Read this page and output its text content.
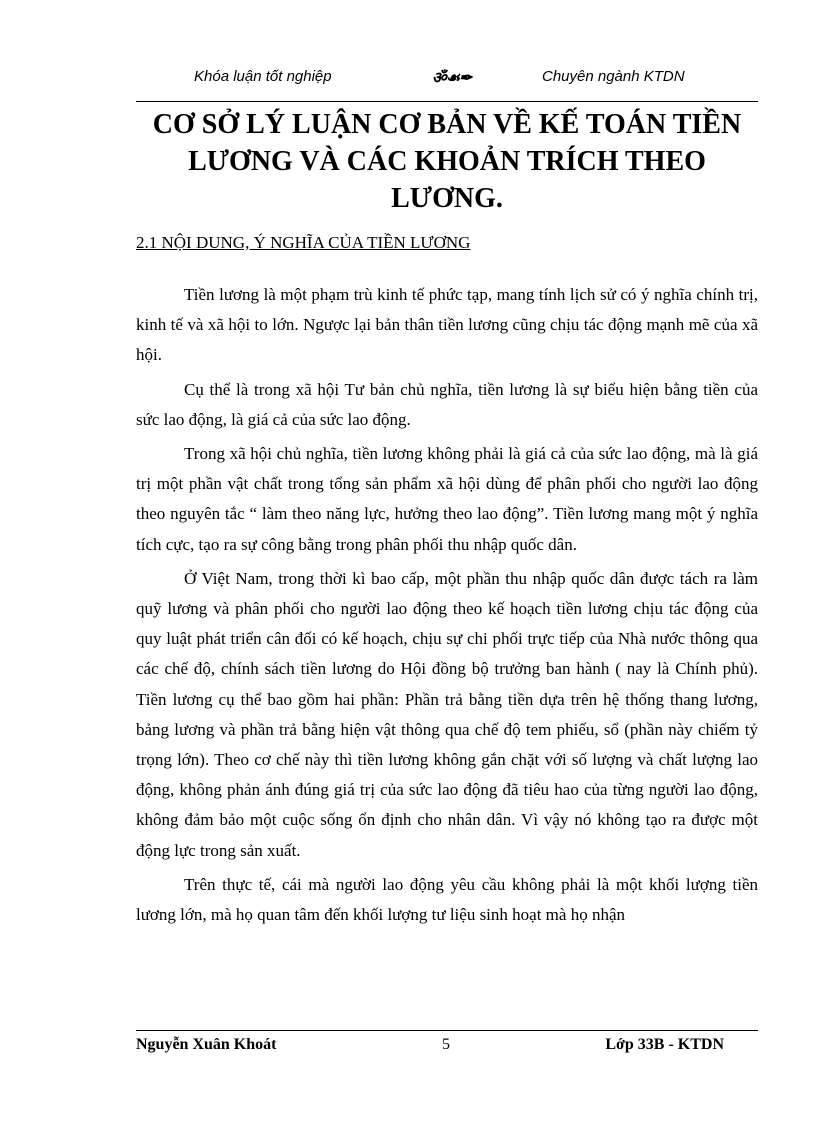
Khóa luận tốt nghiệp	ॐ☙✒	Chuyên ngành KTDN
CƠ SỞ LÝ LUẬN CƠ BẢN VỀ KẾ TOÁN TIỀN LƯƠNG VÀ CÁC KHOẢN TRÍCH THEO LƯƠNG.
2.1 NỘI DUNG, Ý NGHĨA CỦA TIỀN LƯƠNG

Tiền lương là một phạm trù kinh tế phức tạp, mang tính lịch sử có ý nghĩa chính trị, kinh tế và xã hội to lớn. Ngược lại bản thân tiền lương cũng chịu tác động mạnh mẽ của xã hội.

Cụ thể là trong xã hội Tư bản chủ nghĩa, tiền lương là sự biểu hiện bằng tiền của sức lao động, là giá cả của sức lao động.

Trong xã hội chủ nghĩa, tiền lương không phải là giá cả của sức lao động, mà là giá trị một phần vật chất trong tổng sản phẩm xã hội dùng để phân phối cho người lao động theo nguyên tắc “ làm theo năng lực, hưởng theo lao động”. Tiền lương mang một ý nghĩa tích cực, tạo ra sự công bằng trong phân phối thu nhập quốc dân.

Ở Việt Nam, trong thời kì bao cấp, một phần thu nhập quốc dân được tách ra làm quỹ lương và phân phối cho người lao động theo kế hoạch tiền lương chịu tác động của quy luật phát triển cân đối có kế hoạch, chịu sự chi phối trực tiếp của Nhà nước thông qua các chế độ, chính sách tiền lương do Hội đồng bộ trưởng ban hành ( nay là Chính phủ). Tiền lương cụ thể bao gồm hai phần: Phần trả bằng tiền dựa trên hệ thống thang lương, bảng lương và phần trả bằng hiện vật thông qua chế độ tem phiếu, sổ (phần này chiếm tỷ trọng lớn). Theo cơ chế này thì tiền lương không gắn chặt với số lượng và chất lượng lao động, không phản ánh đúng giá trị của sức lao động đã tiêu hao của từng người lao động, không đảm bảo một cuộc sống ổn định cho nhân dân. Vì vậy nó không tạo ra được một động lực trong sản xuất.

Trên thực tế, cái mà người lao động yêu cầu không phải là một khối lượng tiền lương lớn, mà họ quan tâm đến khối lượng tư liệu sinh hoạt mà họ nhận

Nguyễn Xuân Khoát	5	Lớp 33B - KTDN
